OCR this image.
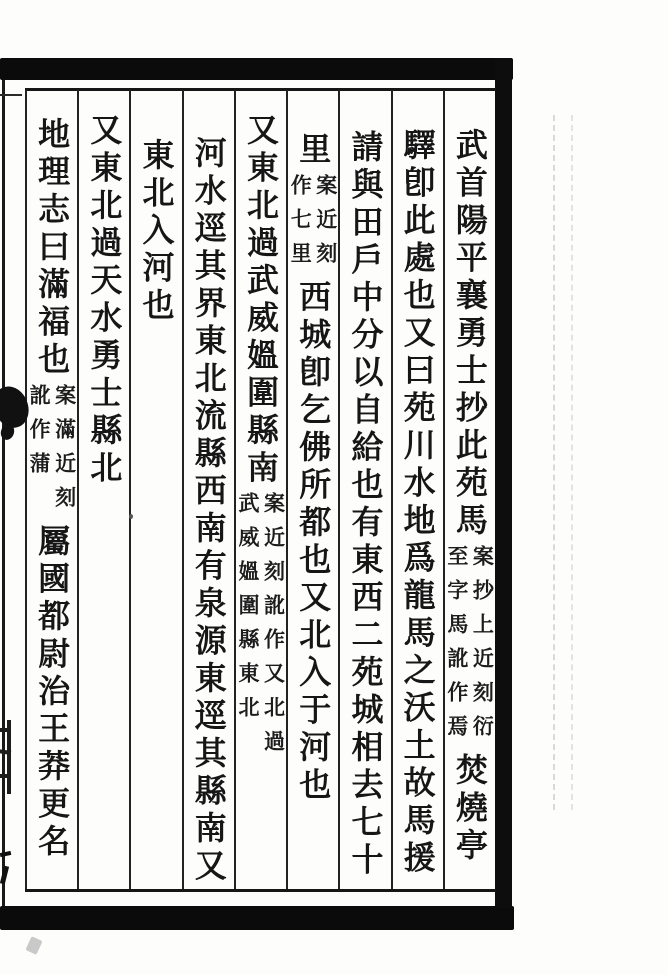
武首陽平襄勇士抄此苑馬
案抄上近刻衍
至字馬訛作焉
焚燒亭
驛卽此處也又曰苑川水地爲龍馬之沃土故馬援
請與田戶中分以自給也有東西二苑城相去七十
里
案近刻
作七里
西城卽乞佛所都也又北入于河也
又東北過武威媼圍縣南
案近刻訛作又北過
武威媼圍縣東北
河水逕其界東北流縣西南有泉源東逕其縣南又
東北入河也
又東北過天水勇士縣北
地理志曰滿福也
案滿近刻
訛作蒲
屬國都尉治王莽更名
